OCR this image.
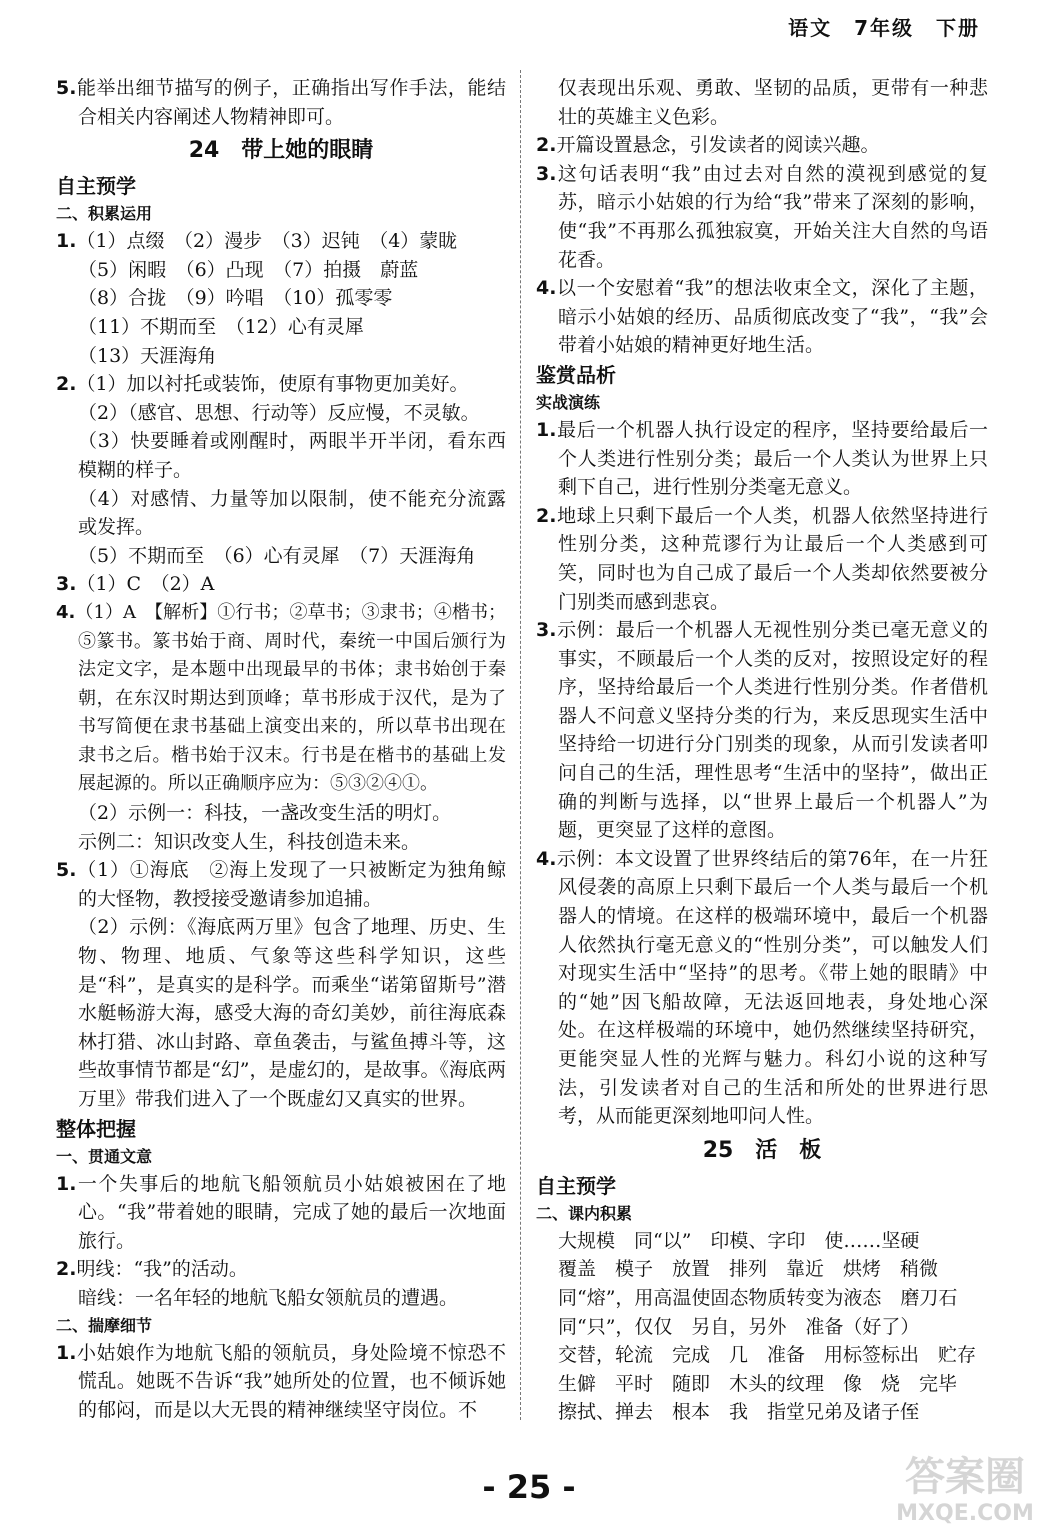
语文　7年级　下册

5.能举出细节描写的例子，正确指出写作手法，能结合相关内容阐述人物精神即可。

24　带上她的眼睛

自主预学

二、积累运用

1.（1）点缀　（2）漫步　（3）迟钝　（4）蒙眬

（5）闲暇　（6）凸现　（7）拍摄　蔚蓝

（8）合拢　（9）吟唱　（10）孤零零

（11）不期而至　（12）心有灵犀

（13）天涯海角

2.（1）加以衬托或装饰，使原有事物更加美好。

（2）（感官、思想、行动等）反应慢，不灵敏。

（3）快要睡着或刚醒时，两眼半开半闭，看东西模糊的样子。

（4）对感情、力量等加以限制，使不能充分流露或发挥。

（5）不期而至　（6）心有灵犀　（7）天涯海角

3.（1）C　（2）A

4.（1）A　【解析】①行书；②草书；③隶书；④楷书；⑤篆书。篆书始于商、周时代，秦统一中国后颁行为法定文字，是本题中出现最早的书体；隶书始创于秦朝，在东汉时期达到顶峰；草书形成于汉代，是为了书写简便在隶书基础上演变出来的，所以草书出现在隶书之后。楷书始于汉末。行书是在楷书的基础上发展起源的。所以正确顺序应为：⑤③②④①。

（2）示例一：科技，一盏改变生活的明灯。

示例二：知识改变人生，科技创造未来。

5.（1）①海底　②海上发现了一只被断定为独角鲸的大怪物，教授接受邀请参加追捕。

（2）示例：《海底两万里》包含了地理、历史、生物、物理、地质、气象等这些科学知识，这些是“科”，是真实的是科学。而乘坐“诺第留斯号”潜水艇畅游大海，感受大海的奇幻美妙，前往海底森林打猎、冰山封路、章鱼袭击，与鲨鱼搏斗等，这些故事情节都是“幻”，是虚幻的，是故事。《海底两万里》带我们进入了一个既虚幻又真实的世界。

整体把握

一、贯通文意

1.一个失事后的地航飞船领航员小姑娘被困在了地心。“我”带着她的眼睛，完成了她的最后一次地面旅行。

2.明线：“我”的活动。

暗线：一名年轻的地航飞船女领航员的遭遇。

二、揣摩细节

1.小姑娘作为地航飞船的领航员，身处险境不惊恐不慌乱。她既不告诉“我”她所处的位置，也不倾诉她的郁闷，而是以大无畏的精神继续坚守岗位。不

仅表现出乐观、勇敢、坚韧的品质，更带有一种悲壮的英雄主义色彩。

2.开篇设置悬念，引发读者的阅读兴趣。

3.这句话表明“我”由过去对自然的漠视到感觉的复苏，暗示小姑娘的行为给“我”带来了深刻的影响，使“我”不再那么孤独寂寞，开始关注大自然的鸟语花香。

4.以一个安慰着“我”的想法收束全文，深化了主题，暗示小姑娘的经历、品质彻底改变了“我”，“我”会带着小姑娘的精神更好地生活。

鉴赏品析

实战演练

1.最后一个机器人执行设定的程序，坚持要给最后一个人类进行性别分类；最后一个人类认为世界上只剩下自己，进行性别分类毫无意义。

2.地球上只剩下最后一个人类，机器人依然坚持进行性别分类，这种荒谬行为让最后一个人类感到可笑，同时也为自己成了最后一个人类却依然要被分门别类而感到悲哀。

3.示例：最后一个机器人无视性别分类已毫无意义的事实，不顾最后一个人类的反对，按照设定好的程序，坚持给最后一个人类进行性别分类。作者借机器人不问意义坚持分类的行为，来反思现实生活中坚持给一切进行分门别类的现象，从而引发读者叩问自己的生活，理性思考“生活中的坚持”，做出正确的判断与选择，以“世界上最后一个机器人”为题，更突显了这样的意图。

4.示例：本文设置了世界终结后的第76年，在一片狂风侵袭的高原上只剩下最后一个人类与最后一个机器人的情境。在这样的极端环境中，最后一个机器人依然执行毫无意义的“性别分类”，可以触发人们对现实生活中“坚持”的思考。《带上她的眼睛》中的“她”因飞船故障，无法返回地表，身处地心深处。在这样极端的环境中，她仍然继续坚持研究，更能突显人性的光辉与魅力。科幻小说的这种写法，引发读者对自己的生活和所处的世界进行思考，从而能更深刻地叩问人性。

25　活　板

自主预学

二、课内积累

大规模　同“以”　印模、字印　使……坚硬

覆盖　模子　放置　排列　靠近　烘烤　稍微

同“熔”，用高温使固态物质转变为液态　磨刀石

同“只”，仅仅　另自，另外　准备（好了）

交替，轮流　完成　几　准备　用标签标出　贮存

生僻　平时　随即　木头的纹理　像　烧　完毕

擦拭、掸去　根本　我　指堂兄弟及诸子侄

- 25 -	答案圈
MXQE.COM
